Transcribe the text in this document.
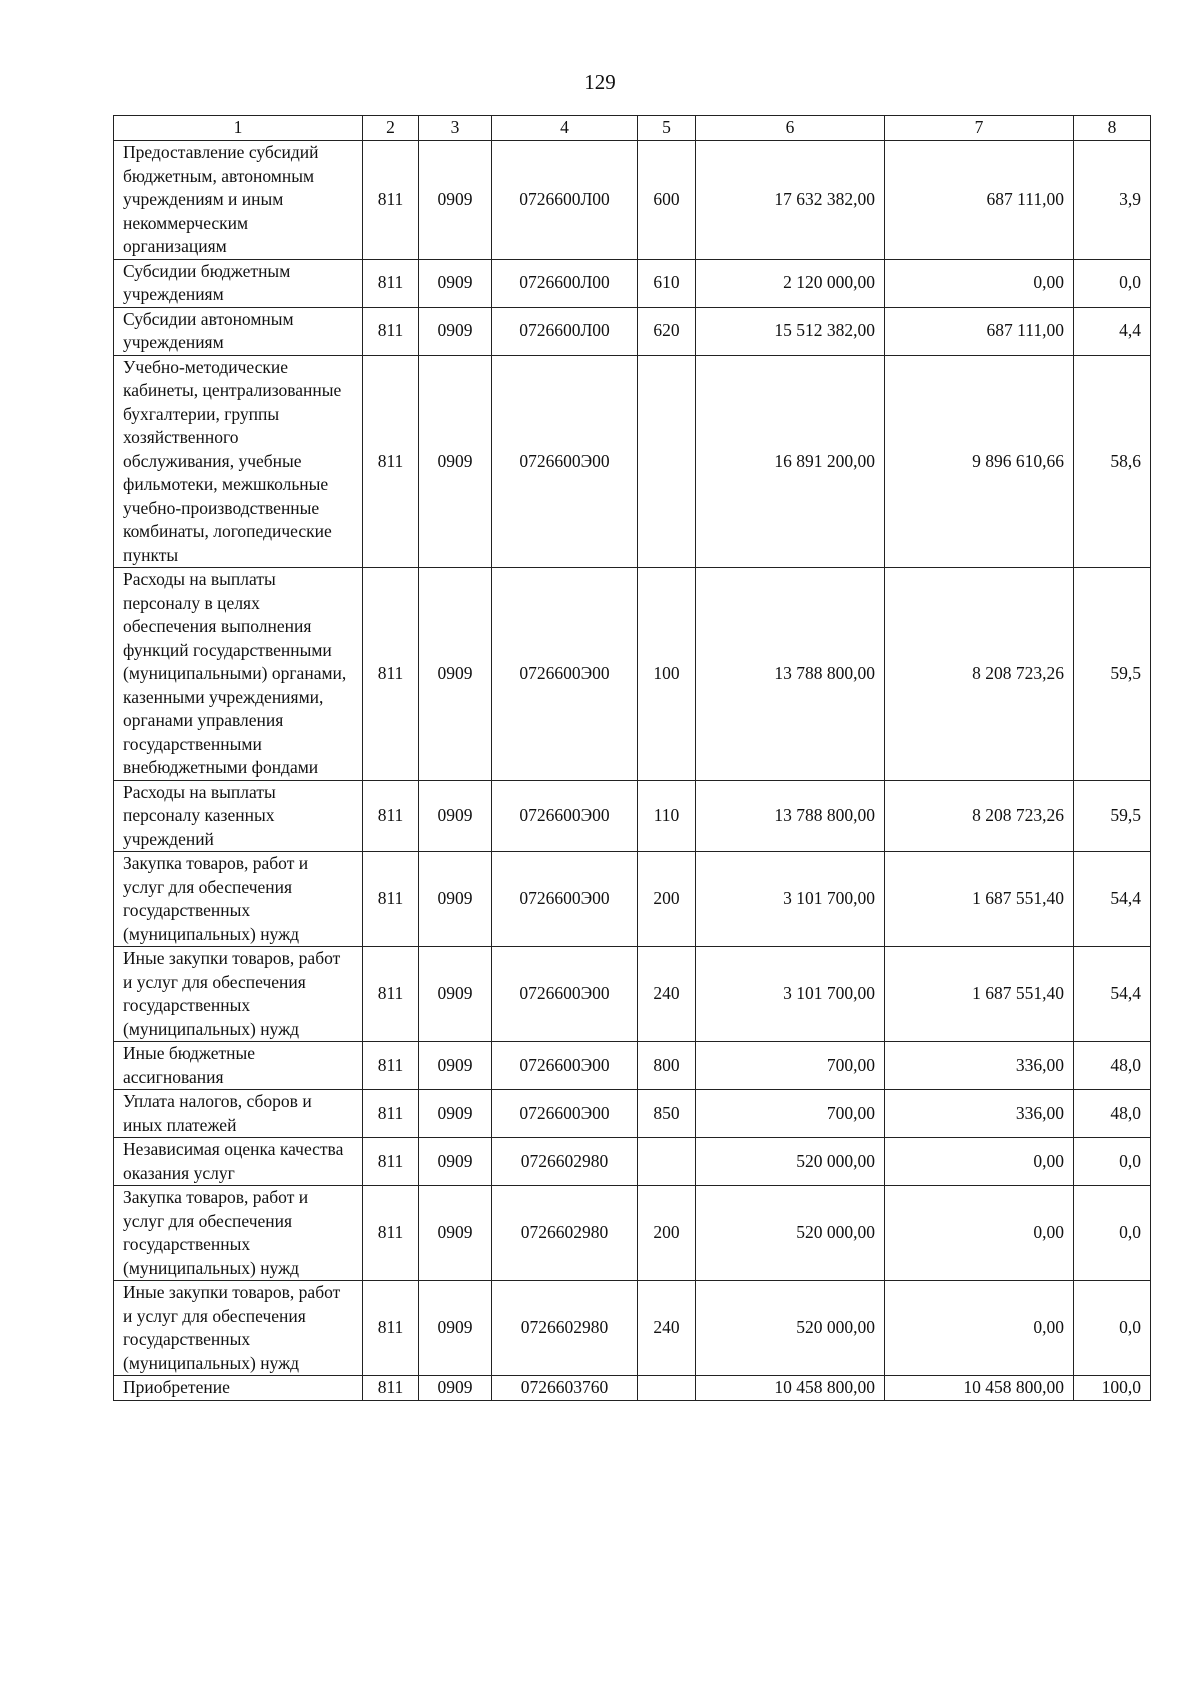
129
1	2	3	4	5	6	7	8
Предоставление субсидий бюджетным, автономным учреждениям и иным некоммерческим организациям	811	0909	0726600Л00	600	17 632 382,00	687 111,00	3,9
Субсидии бюджетным учреждениям	811	0909	0726600Л00	610	2 120 000,00	0,00	0,0
Субсидии автономным учреждениям	811	0909	0726600Л00	620	15 512 382,00	687 111,00	4,4
Учебно-методические кабинеты, централизованные бухгалтерии, группы хозяйственного обслуживания, учебные фильмотеки, межшкольные учебно-производственные комбинаты, логопедические пункты	811	0909	0726600Э00		16 891 200,00	9 896 610,66	58,6
Расходы на выплаты персоналу в целях обеспечения выполнения функций государственными (муниципальными) органами, казенными учреждениями, органами управления государственными внебюджетными фондами	811	0909	0726600Э00	100	13 788 800,00	8 208 723,26	59,5
Расходы на выплаты персоналу казенных учреждений	811	0909	0726600Э00	110	13 788 800,00	8 208 723,26	59,5
Закупка товаров, работ и услуг для обеспечения государственных (муниципальных) нужд	811	0909	0726600Э00	200	3 101 700,00	1 687 551,40	54,4
Иные закупки товаров, работ и услуг для обеспечения государственных (муниципальных) нужд	811	0909	0726600Э00	240	3 101 700,00	1 687 551,40	54,4
Иные бюджетные ассигнования	811	0909	0726600Э00	800	700,00	336,00	48,0
Уплата налогов, сборов и иных платежей	811	0909	0726600Э00	850	700,00	336,00	48,0
Независимая оценка качества оказания услуг	811	0909	0726602980		520 000,00	0,00	0,0
Закупка товаров, работ и услуг для обеспечения государственных (муниципальных) нужд	811	0909	0726602980	200	520 000,00	0,00	0,0
Иные закупки товаров, работ и услуг для обеспечения государственных (муниципальных) нужд	811	0909	0726602980	240	520 000,00	0,00	0,0
Приобретение	811	0909	0726603760		10 458 800,00	10 458 800,00	100,0
